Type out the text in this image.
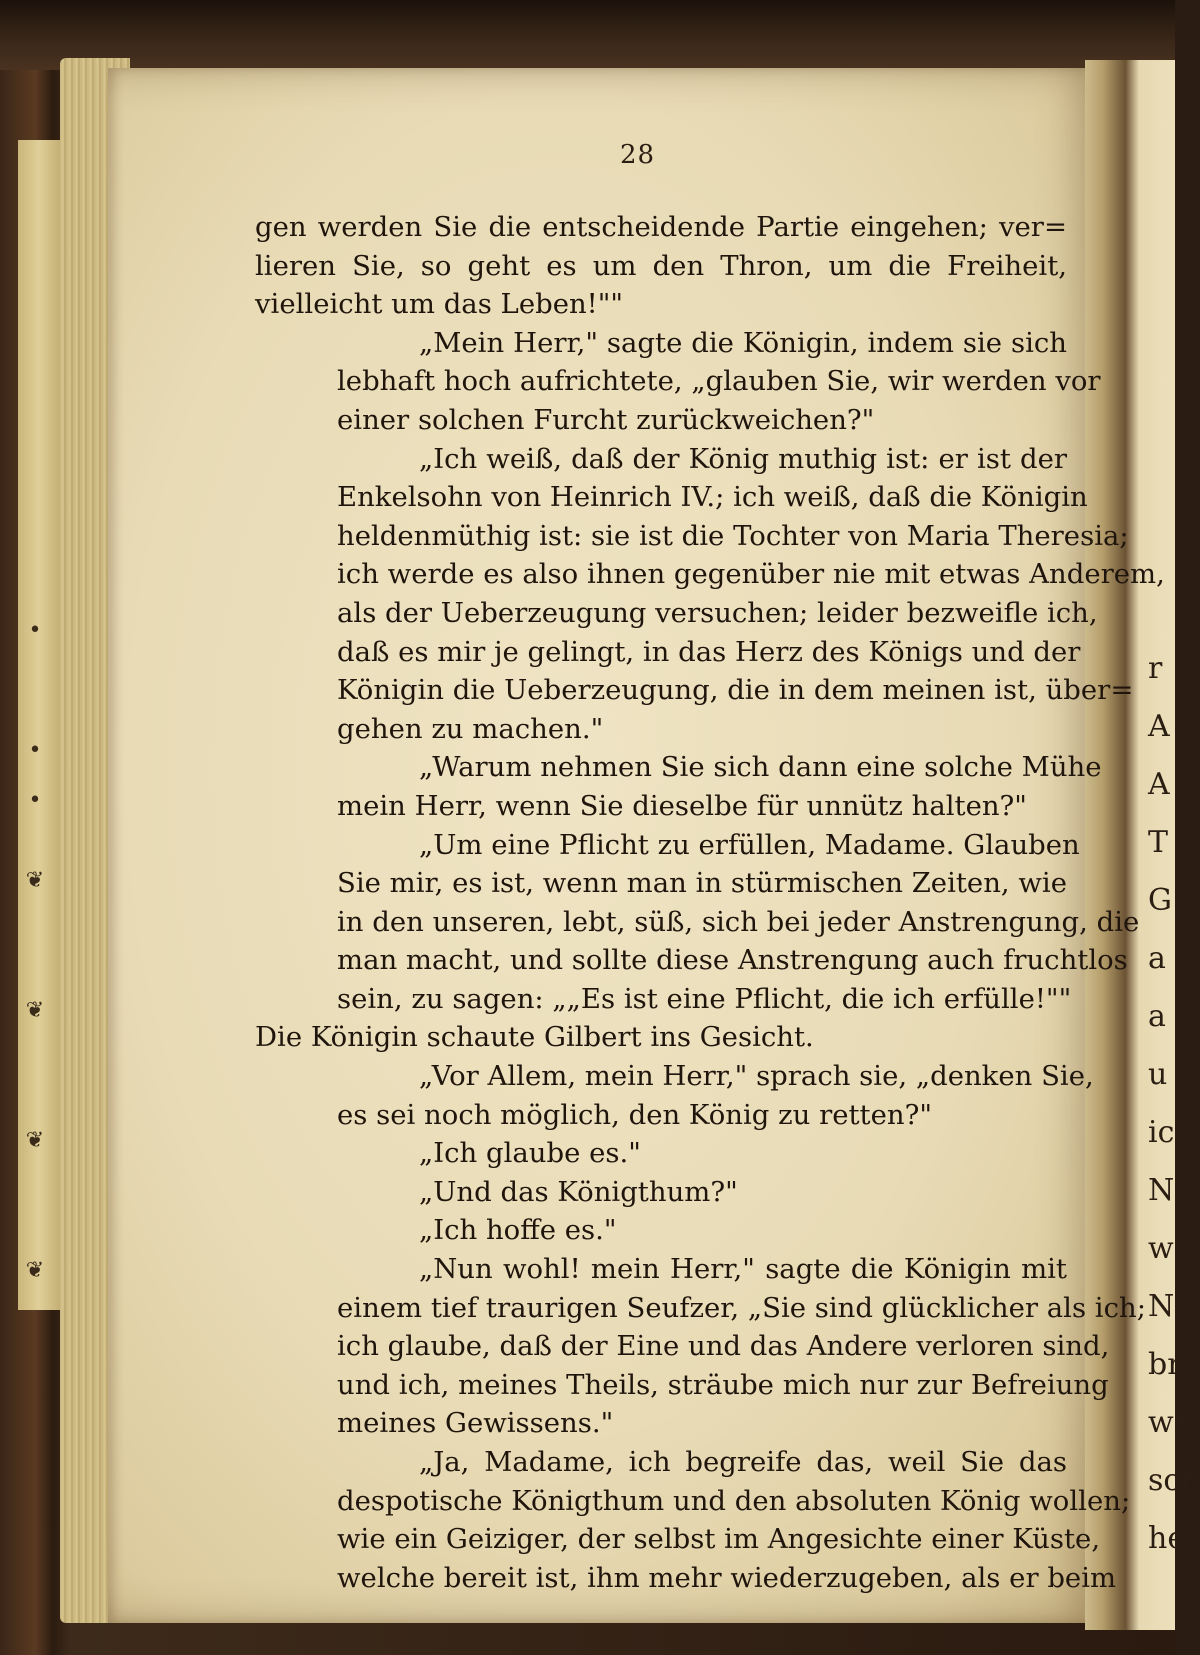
•
•
•
❦
❦
❦
❦
r
A
A
T
G
a
a
u
ic
N
w
N
br
we
sch
he
28
gen werden Sie die entscheidende Partie eingehen; ver=
lieren Sie, so geht es um den Thron, um die Freiheit,
vielleicht um das Leben!""
„Mein Herr," sagte die Königin, indem sie sich
lebhaft hoch aufrichtete, „glauben Sie, wir werden vor
einer solchen Furcht zurückweichen?"
„Ich weiß, daß der König muthig ist: er ist der
Enkelsohn von Heinrich IV.; ich weiß, daß die Königin
heldenmüthig ist: sie ist die Tochter von Maria Theresia;
ich werde es also ihnen gegenüber nie mit etwas Anderem,
als der Ueberzeugung versuchen; leider bezweifle ich,
daß es mir je gelingt, in das Herz des Königs und der
Königin die Ueberzeugung, die in dem meinen ist, über=
gehen zu machen."
„Warum nehmen Sie sich dann eine solche Mühe
mein Herr, wenn Sie dieselbe für unnütz halten?"
„Um eine Pflicht zu erfüllen, Madame. Glauben
Sie mir, es ist, wenn man in stürmischen Zeiten, wie
in den unseren, lebt, süß, sich bei jeder Anstrengung, die
man macht, und sollte diese Anstrengung auch fruchtlos
sein, zu sagen: „„Es ist eine Pflicht, die ich erfülle!""
Die Königin schaute Gilbert ins Gesicht.
„Vor Allem, mein Herr," sprach sie, „denken Sie,
es sei noch möglich, den König zu retten?"
„Ich glaube es."
„Und das Königthum?"
„Ich hoffe es."
„Nun wohl! mein Herr," sagte die Königin mit
einem tief traurigen Seufzer, „Sie sind glücklicher als ich;
ich glaube, daß der Eine und das Andere verloren sind,
und ich, meines Theils, sträube mich nur zur Befreiung
meines Gewissens."
„Ja, Madame, ich begreife das, weil Sie das
despotische Königthum und den absoluten König wollen;
wie ein Geiziger, der selbst im Angesichte einer Küste,
welche bereit ist, ihm mehr wiederzugeben, als er beim
